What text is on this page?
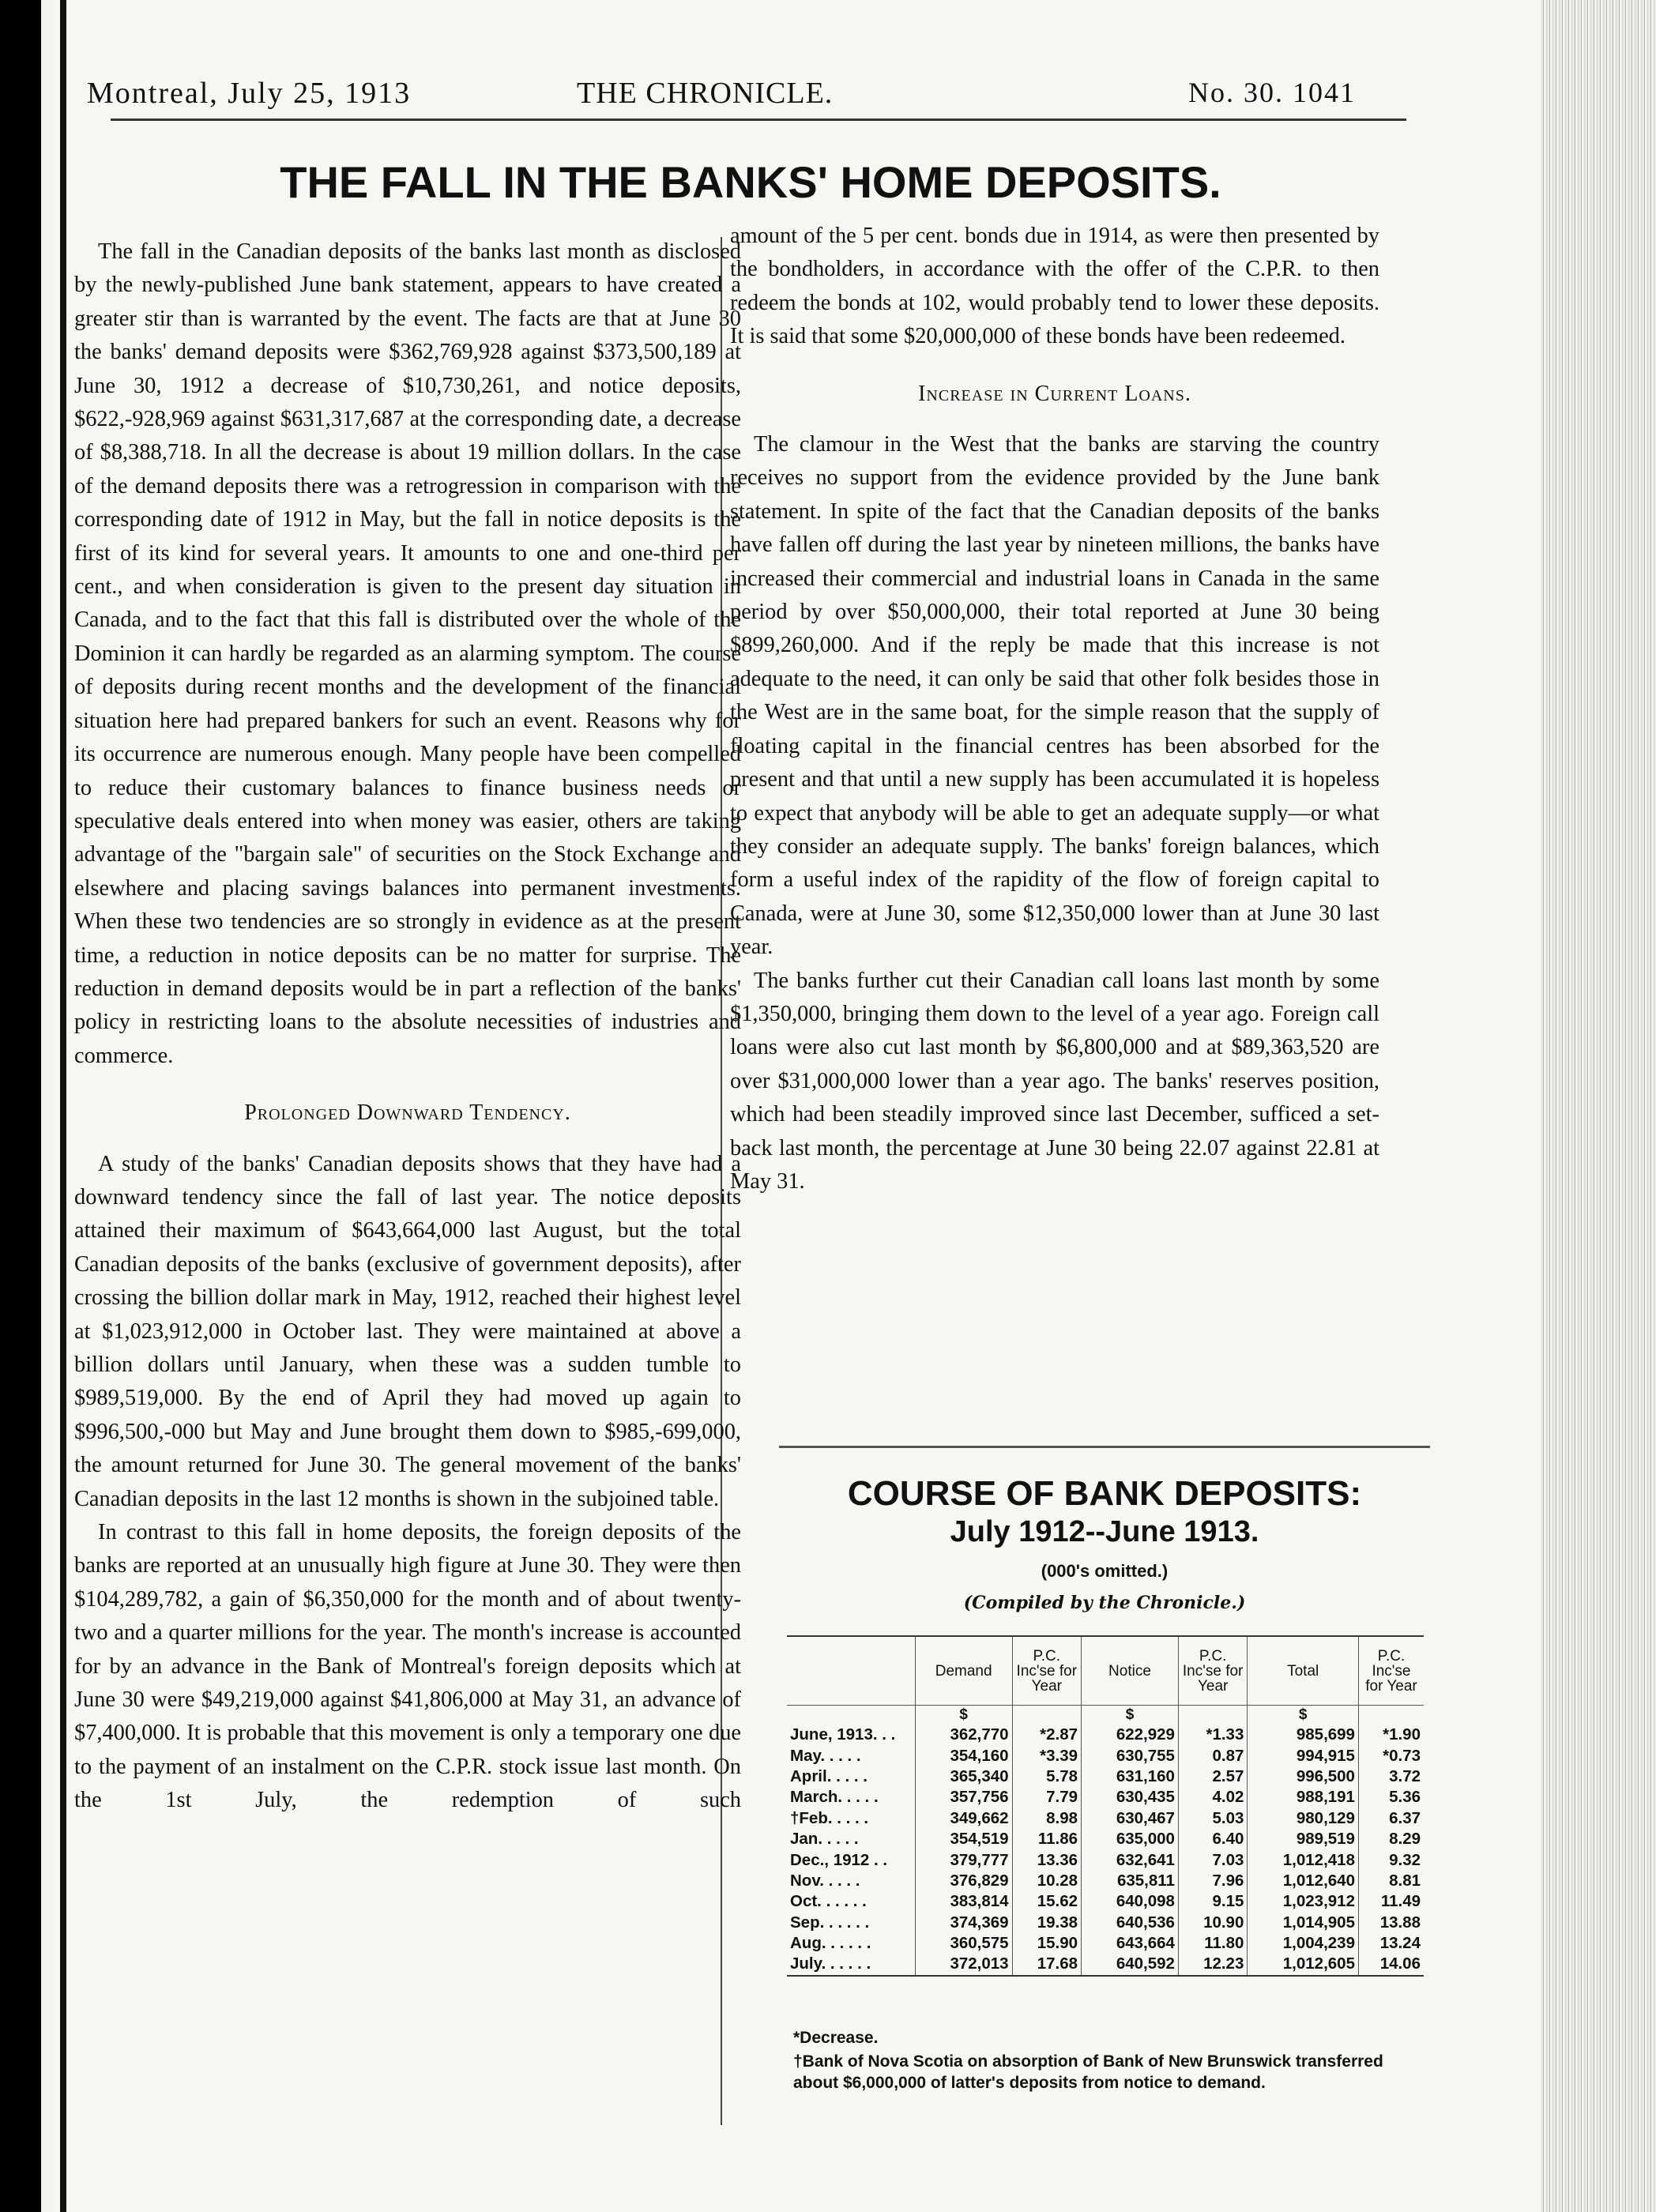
Montreal, July 25, 1913	THE CHRONICLE.	No. 30. 1041
THE FALL IN THE BANKS' HOME DEPOSITS.

The fall in the Canadian deposits of the banks last month as disclosed by the newly-published June bank statement, appears to have created a greater stir than is warranted by the event. The facts are that at June 30 the banks' demand deposits were $362,769,928 against $373,500,189 at June 30, 1912 a decrease of $10,730,261, and notice deposits, $622,-928,969 against $631,317,687 at the corresponding date, a decrease of $8,388,718. In all the decrease is about 19 million dollars. In the case of the demand deposits there was a retrogression in comparison with the corresponding date of 1912 in May, but the fall in notice deposits is the first of its kind for several years. It amounts to one and one-third per cent., and when consideration is given to the present day situation in Canada, and to the fact that this fall is distributed over the whole of the Dominion it can hardly be regarded as an alarming symptom. The course of deposits during recent months and the development of the financial situation here had prepared bankers for such an event. Reasons why for its occurrence are numerous enough. Many people have been compelled to reduce their customary balances to finance business needs or speculative deals entered into when money was easier, others are taking advantage of the "bargain sale" of securities on the Stock Exchange and elsewhere and placing savings balances into permanent investments. When these two tendencies are so strongly in evidence as at the present time, a reduction in notice deposits can be no matter for surprise. The reduction in demand deposits would be in part a reflection of the banks' policy in restricting loans to the absolute necessities of industries and commerce.

Prolonged Downward Tendency.

A study of the banks' Canadian deposits shows that they have had a downward tendency since the fall of last year. The notice deposits attained their maximum of $643,664,000 last August, but the total Canadian deposits of the banks (exclusive of government deposits), after crossing the billion dollar mark in May, 1912, reached their highest level at $1,023,912,000 in October last. They were maintained at above a billion dollars until January, when these was a sudden tumble to $989,519,000. By the end of April they had moved up again to $996,500,-000 but May and June brought them down to $985,-699,000, the amount returned for June 30. The general movement of the banks' Canadian deposits in the last 12 months is shown in the subjoined table.

In contrast to this fall in home deposits, the foreign deposits of the banks are reported at an unusually high figure at June 30. They were then $104,289,782, a gain of $6,350,000 for the month and of about twenty-two and a quarter millions for the year. The month's increase is accounted for by an advance in the Bank of Montreal's foreign deposits which at June 30 were $49,219,000 against $41,806,000 at May 31, an advance of $7,400,000. It is probable that this movement is only a temporary one due to the payment of an instalment on the C.P.R. stock issue last month. On the 1st July, the redemption of such

amount of the 5 per cent. bonds due in 1914, as were then presented by the bondholders, in accordance with the offer of the C.P.R. to then redeem the bonds at 102, would probably tend to lower these deposits. It is said that some $20,000,000 of these bonds have been redeemed.

Increase in Current Loans.

The clamour in the West that the banks are starving the country receives no support from the evidence provided by the June bank statement. In spite of the fact that the Canadian deposits of the banks have fallen off during the last year by nineteen millions, the banks have increased their commercial and industrial loans in Canada in the same period by over $50,000,000, their total reported at June 30 being $899,260,000. And if the reply be made that this increase is not adequate to the need, it can only be said that other folk besides those in the West are in the same boat, for the simple reason that the supply of floating capital in the financial centres has been absorbed for the present and that until a new supply has been accumulated it is hopeless to expect that anybody will be able to get an adequate supply—or what they consider an adequate supply. The banks' foreign balances, which form a useful index of the rapidity of the flow of foreign capital to Canada, were at June 30, some $12,350,000 lower than at June 30 last year.

The banks further cut their Canadian call loans last month by some $1,350,000, bringing them down to the level of a year ago. Foreign call loans were also cut last month by $6,800,000 and at $89,363,520 are over $31,000,000 lower than a year ago. The banks' reserves position, which had been steadily improved since last December, sufficed a set-back last month, the percentage at June 30 being 22.07 against 22.81 at May 31.

COURSE OF BANK DEPOSITS:
July 1912--June 1913.
(000's omitted.)
(Compiled by the Chronicle.)
	Demand	P.C. Inc'se for Year	Notice	P.C. Inc'se for Year	Total	P.C. Inc'se for Year
	$		$		$	
June, 1913. . .	362,770	*2.87	622,929	*1.33	985,699	*1.90
May. . . . .	354,160	*3.39	630,755	0.87	994,915	*0.73
April. . . . .	365,340	5.78	631,160	2.57	996,500	3.72
March. . . . .	357,756	7.79	630,435	4.02	988,191	5.36
†Feb. . . . .	349,662	8.98	630,467	5.03	980,129	6.37
Jan. . . . .	354,519	11.86	635,000	6.40	989,519	8.29
Dec., 1912 . .	379,777	13.36	632,641	7.03	1,012,418	9.32
Nov. . . . .	376,829	10.28	635,811	7.96	1,012,640	8.81
Oct. . . . . .	383,814	15.62	640,098	9.15	1,023,912	11.49
Sep. . . . . .	374,369	19.38	640,536	10.90	1,014,905	13.88
Aug. . . . . .	360,575	15.90	643,664	11.80	1,004,239	13.24
July. . . . . .	372,013	17.68	640,592	12.23	1,012,605	14.06
*Decrease.
†Bank of Nova Scotia on absorption of Bank of New Brunswick transferred about $6,000,000 of latter's deposits from notice to demand.
